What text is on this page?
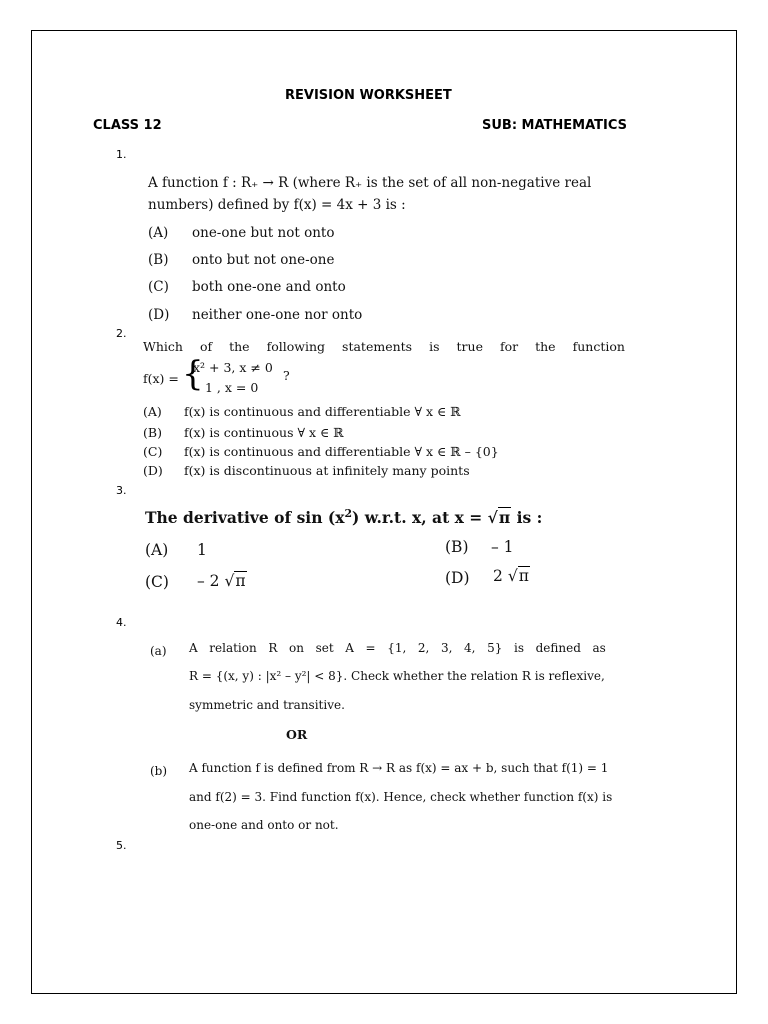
REVISION WORKSHEET
CLASS 12	SUB: MATHEMATICS
1.
A function f : R₊ → R (where R₊ is the set of all non-negative real
numbers) defined by f(x) = 4x + 3 is :
(A) one-one but not onto
(B) onto but not one-one
(C) both one-one and onto
(D) neither one-one nor onto
2.
Which of the following statements is true for the function
f(x) = {
x² + 3, x ≠ 0
1 , x = 0
?
(A) f(x) is continuous and differentiable ∀ x ∈ ℝ
(B) f(x) is continuous ∀ x ∈ ℝ
(C) f(x) is continuous and differentiable ∀ x ∈ ℝ – {0}
(D) f(x) is discontinuous at infinitely many points
3.
The derivative of $\sin (x^2)$ w.r.t. x, at x = √π is :
(A) 1	(B) – 1
(C) – 2 √π	(D) 2 √π
4.
(a) A relation R on set A = {1, 2, 3, 4, 5} is defined as
R = {(x, y) : |x² – y²| < 8}. Check whether the relation R is reflexive,
symmetric and transitive.
OR
(b) A function f is defined from R → R as f(x) = ax + b, such that f(1) = 1
and f(2) = 3. Find function f(x). Hence, check whether function f(x) is
one-one and onto or not.
5.
